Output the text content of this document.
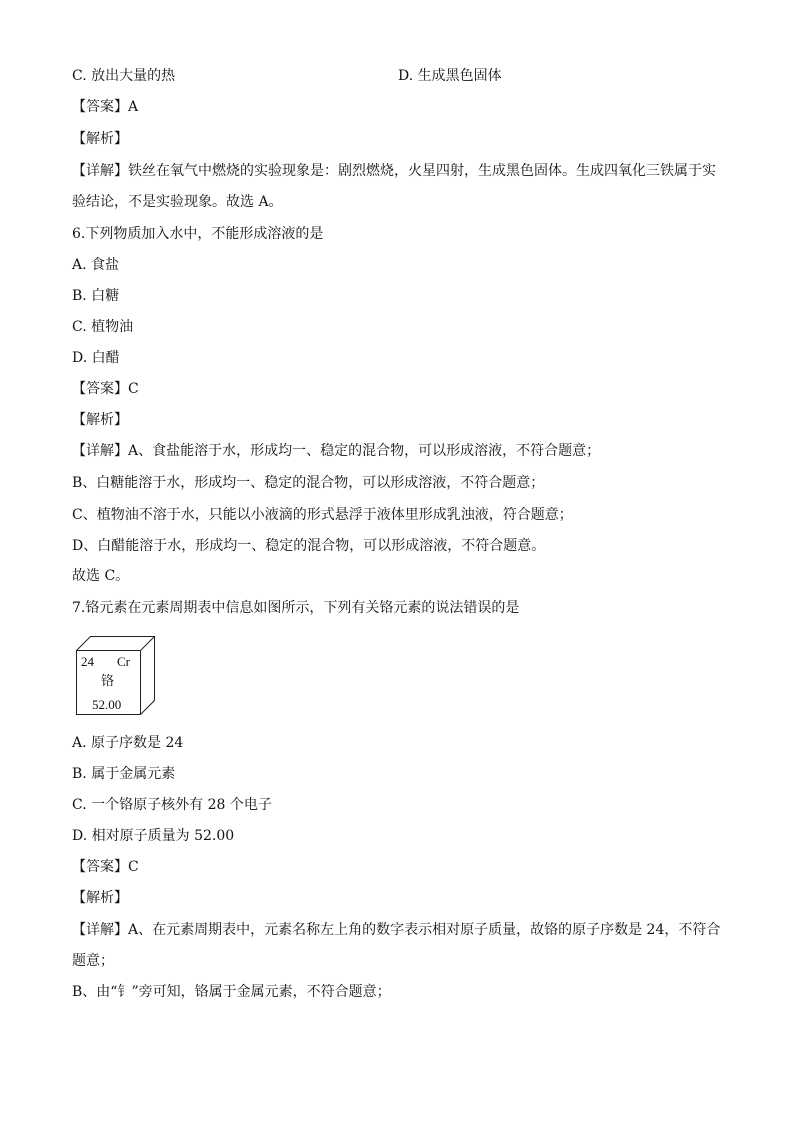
C. 放出大量的热	D. 生成黑色固体
【答案】A
【解析】
【详解】铁丝在氧气中燃烧的实验现象是：剧烈燃烧，火星四射，生成黑色固体。生成四氧化三铁属于实
验结论，不是实验现象。故选 A。
6.下列物质加入水中，不能形成溶液的是
A. 食盐
B. 白糖
C. 植物油
D. 白醋
【答案】C
【解析】
【详解】A、食盐能溶于水，形成均一、稳定的混合物，可以形成溶液，不符合题意；
B、白糖能溶于水，形成均一、稳定的混合物，可以形成溶液，不符合题意；
C、植物油不溶于水，只能以小液滴的形式悬浮于液体里形成乳浊液，符合题意；
D、白醋能溶于水，形成均一、稳定的混合物，可以形成溶液，不符合题意。
故选 C。
7.铬元素在元素周期表中信息如图所示，下列有关铬元素的说法错误的是
24 Cr
铬
52.00
A. 原子序数是 24
B. 属于金属元素
C. 一个铬原子核外有 28 个电子
D. 相对原子质量为 52.00
【答案】C
【解析】
【详解】A、在元素周期表中，元素名称左上角的数字表示相对原子质量，故铬的原子序数是 24，不符合
题意；
B、由“钅”旁可知，铬属于金属元素，不符合题意；
